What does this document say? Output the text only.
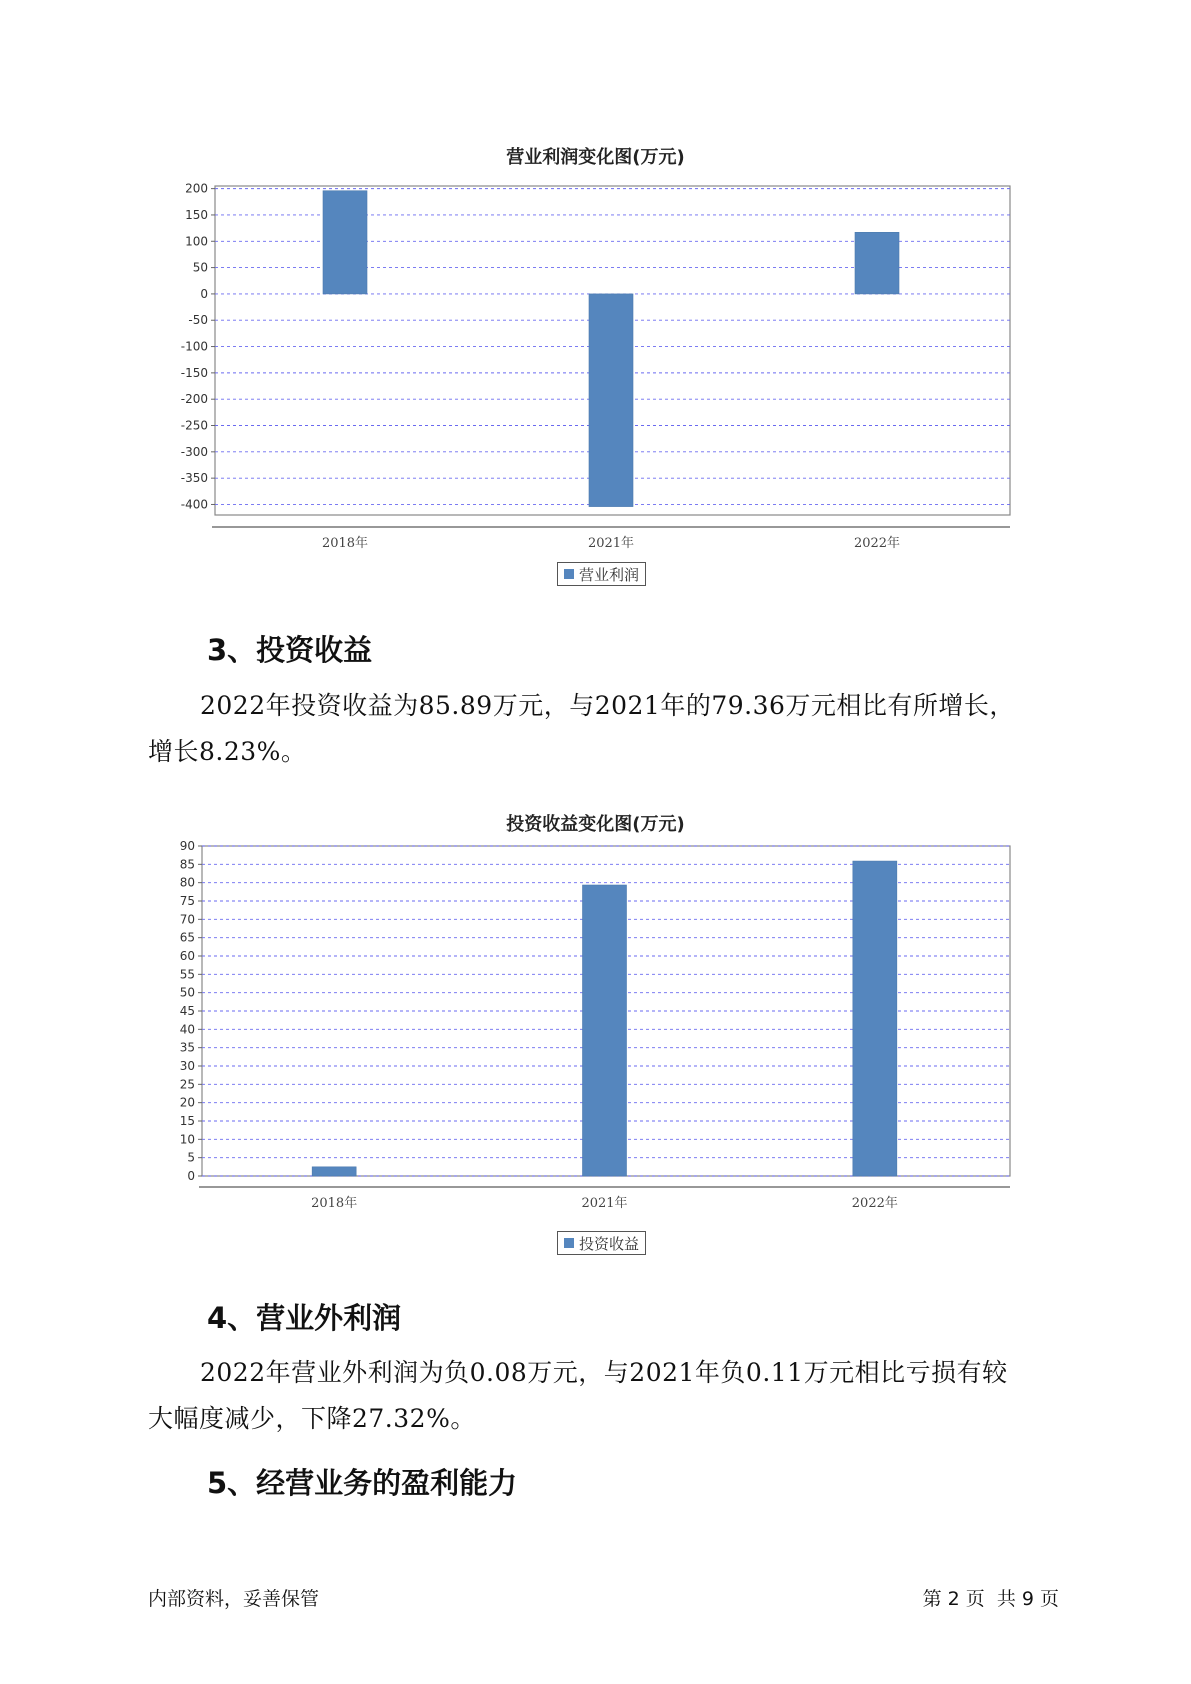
营业利润变化图(万元)
200
150
100
50
0
-50
-100
-150
-200
-250
-300
-350
-400
2018年	2021年	2022年
营业利润
3、投资收益

2022年投资收益为85.89万元，与2021年的79.36万元相比有所增长，
增长8.23%。

投资收益变化图(万元)
90
85
80
75
70
65
60
55
50
45
40
35
30
25
20
15
10
5
0
2018年	2021年	2022年
投资收益
4、营业外利润

2022年营业外利润为负0.08万元，与2021年负0.11万元相比亏损有较
大幅度减少，下降27.32%。

5、经营业务的盈利能力
内部资料，妥善保管	第 2 页  共 9 页
